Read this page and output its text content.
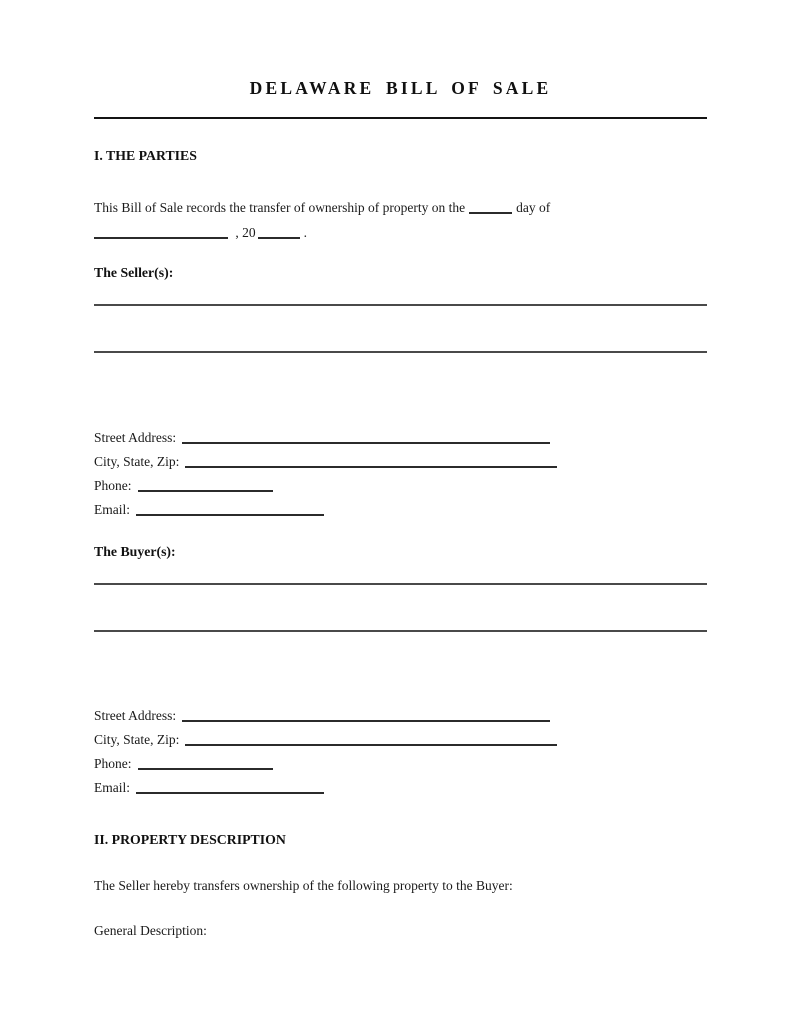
DELAWARE BILL OF SALE
I. THE PARTIES

This Bill of Sale records the transfer of ownership of property on the	day of
, 20	.

The Seller(s):
Street Address:
City, State, Zip:
Phone:
Email:
The Buyer(s):
Street Address:
City, State, Zip:
Phone:
Email:
II. PROPERTY DESCRIPTION

The Seller hereby transfers ownership of the following property to the Buyer:

General Description:
